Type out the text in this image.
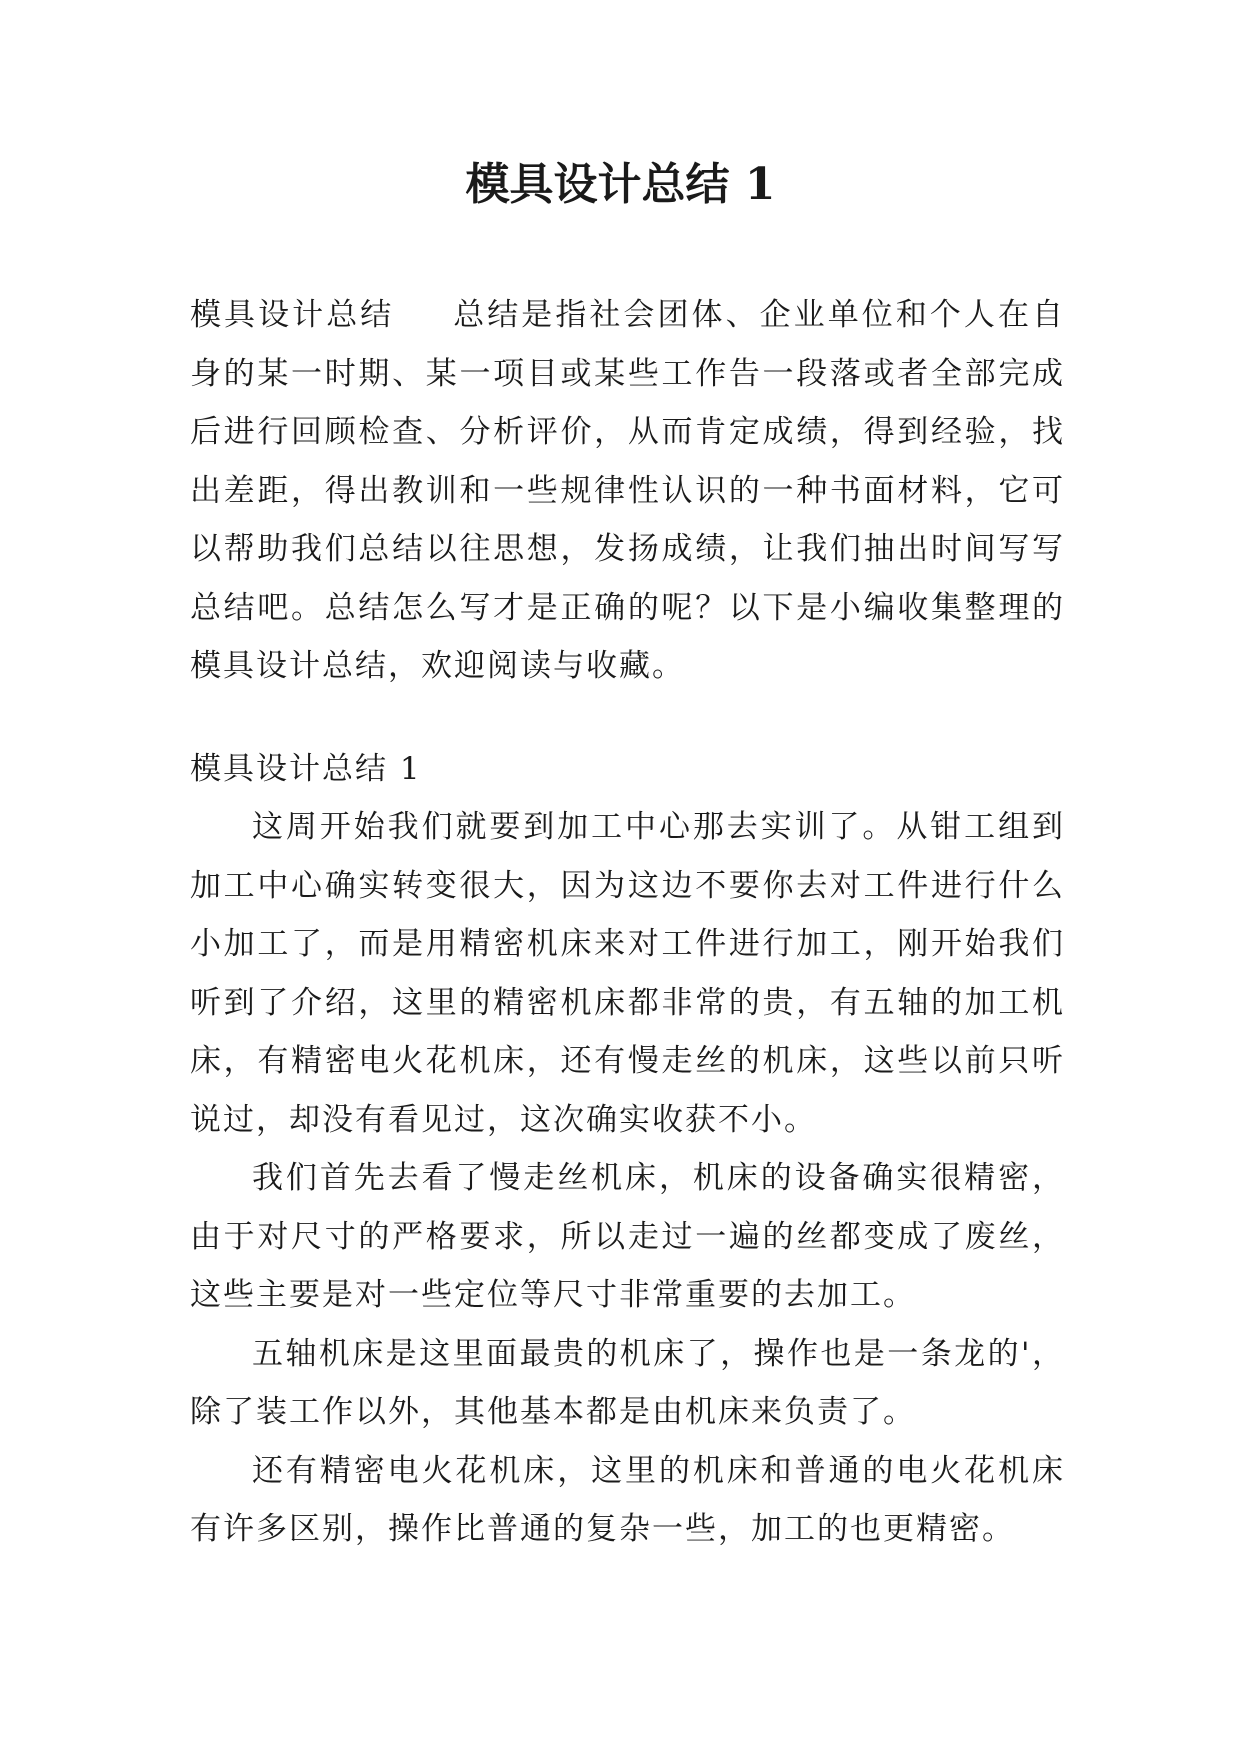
模具设计总结 1

模具设计总结 总结是指社会团体、企业单位和个人在自身的某一时期、某一项目或某些工作告一段落或者全部完成后进行回顾检查、分析评价，从而肯定成绩，得到经验，找出差距，得出教训和一些规律性认识的一种书面材料，它可以帮助我们总结以往思想，发扬成绩，让我们抽出时间写写总结吧。总结怎么写才是正确的呢？以下是小编收集整理的模具设计总结，欢迎阅读与收藏。

模具设计总结 1

这周开始我们就要到加工中心那去实训了。从钳工组到加工中心确实转变很大，因为这边不要你去对工件进行什么小加工了，而是用精密机床来对工件进行加工，刚开始我们听到了介绍，这里的精密机床都非常的贵，有五轴的加工机床，有精密电火花机床，还有慢走丝的机床，这些以前只听说过，却没有看见过，这次确实收获不小。

我们首先去看了慢走丝机床，机床的设备确实很精密，由于对尺寸的严格要求，所以走过一遍的丝都变成了废丝，这些主要是对一些定位等尺寸非常重要的去加工。

五轴机床是这里面最贵的机床了，操作也是一条龙的'，除了装工作以外，其他基本都是由机床来负责了。

还有精密电火花机床，这里的机床和普通的电火花机床有许多区别，操作比普通的复杂一些，加工的也更精密。
